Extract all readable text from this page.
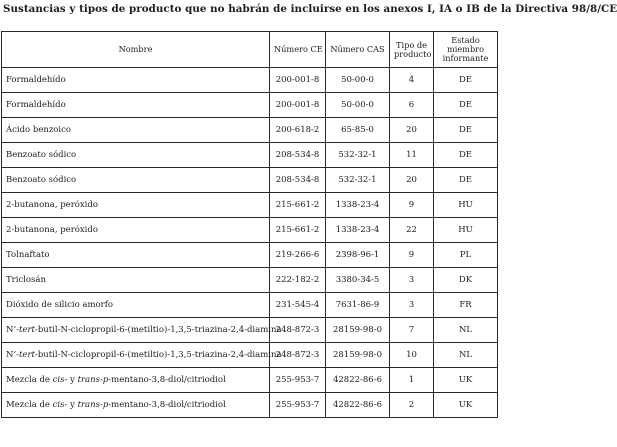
Sustancias y tipos de producto que no habrán de incluirse en los anexos I, IA o IB de la Directiva 98/8/CE
Nombre	Número CE	Número CAS	Tipo de producto	Estado miembro informante
Formaldehído	200-001-8	50-00-0	4	DE
Formaldehído	200-001-8	50-00-0	6	DE
Ácido benzoico	200-618-2	65-85-0	20	DE
Benzoato sódico	208-534-8	532-32-1	11	DE
Benzoato sódico	208-534-8	532-32-1	20	DE
2-butanona, peróxido	215-661-2	1338-23-4	9	HU
2-butanona, peróxido	215-661-2	1338-23-4	22	HU
Tolnaftato	219-266-6	2398-96-1	9	PL
Triclosán	222-182-2	3380-34-5	3	DK
Dióxido de silicio amorfo	231-545-4	7631-86-9	3	FR
N’-tert-butil-N-ciclopropil-6-(metiltio)-1,3,5-triazina-2,4-diamina	248-872-3	28159-98-0	7	NL
N’-tert-butil-N-ciclopropil-6-(metiltio)-1,3,5-triazina-2,4-diamina	248-872-3	28159-98-0	10	NL
Mezcla de cis- y trans-p-mentano-3,8-diol/citriodiol	255-953-7	42822-86-6	1	UK
Mezcla de cis- y trans-p-mentano-3,8-diol/citriodiol	255-953-7	42822-86-6	2	UK
